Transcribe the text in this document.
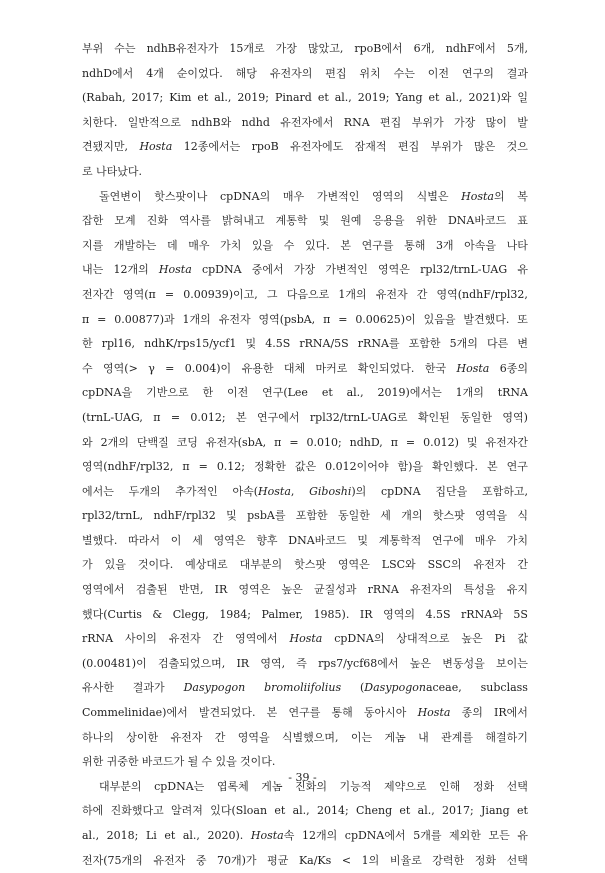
부위 수는 ndhB유전자가 15개로 가장 많았고, rpoB에서 6개, ndhF에서 5개,
ndhD에서 4개 순이었다. 해당 유전자의 편집 위치 수는 이전 연구의 결과
(Rabah, 2017; Kim et al., 2019; Pinard et al., 2019; Yang et al., 2021)와 일
치한다. 일반적으로 ndhB와 ndhd 유전자에서 RNA 편집 부위가 가장 많이 발
견됐지만, Hosta 12종에서는 rpoB 유전자에도 잠재적 편집 부위가 많은 것으
로 나타났다.
돌연변이 핫스팟이나 cpDNA의 매우 가변적인 영역의 식별은 Hosta의 복
잡한 모계 진화 역사를 밝혀내고 계통학 및 원예 응용을 위한 DNA바코드 표
지를 개발하는 데 매우 가치 있을 수 있다. 본 연구를 통해 3개 아속을 나타
내는 12개의 Hosta cpDNA 중에서 가장 가변적인 영역은 rpl32/trnL-UAG 유
전자간 영역(π = 0.00939)이고, 그 다음으로 1개의 유전자 간 영역(ndhF/rpl32,
π = 0.00877)과 1개의 유전자 영역(psbA, π = 0.00625)이 있음을 발견했다. 또
한 rpl16, ndhK/rps15/ycf1 및 4.5S rRNA/5S rRNA를 포함한 5개의 다른 변
수 영역(> γ = 0.004)이 유용한 대체 마커로 확인되었다. 한국 Hosta 6종의
cpDNA을 기반으로 한 이전 연구(Lee et al., 2019)에서는 1개의 tRNA
(trnL-UAG, π = 0.012; 본 연구에서 rpl32/trnL-UAG로 확인된 동일한 영역)
와 2개의 단백질 코딩 유전자(sbA, π = 0.010; ndhD, π = 0.012) 및 유전자간
영역(ndhF/rpl32, π = 0.12; 정확한 값은 0.012이어야 함)을 확인했다. 본 연구
에서는 두개의 추가적인 아속(Hosta, Giboshi)의 cpDNA 집단을 포함하고,
rpl32/trnL, ndhF/rpl32 및 psbA를 포함한 동일한 세 개의 핫스팟 영역을 식
별했다. 따라서 이 세 영역은 향후 DNA바코드 및 계통학적 연구에 매우 가치
가 있을 것이다. 예상대로 대부분의 핫스팟 영역은 LSC와 SSC의 유전자 간
영역에서 검출된 반면, IR 영역은 높은 균질성과 rRNA 유전자의 특성을 유지
했다(Curtis & Clegg, 1984; Palmer, 1985). IR 영역의 4.5S rRNA와 5S
rRNA 사이의 유전자 간 영역에서 Hosta cpDNA의 상대적으로 높은 Pi 값
(0.00481)이 검출되었으며, IR 영역, 즉 rps7/ycf68에서 높은 변동성을 보이는
유사한 결과가 Dasypogon bromoliifolius (Dasypogonaceae, subclass
Commelinidae)에서 발견되었다. 본 연구를 통해 동아시아 Hosta 종의 IR에서
하나의 상이한 유전자 간 영역을 식별했으며, 이는 게놈 내 관계를 해결하기
위한 귀중한 바코드가 될 수 있을 것이다.
대부분의 cpDNA는 엽록체 게놈 진화의 기능적 제약으로 인해 정화 선택
하에 진화했다고 알려져 있다(Sloan et al., 2014; Cheng et al., 2017; Jiang et
al., 2018; Li et al., 2020). Hosta속 12개의 cpDNA에서 5개를 제외한 모든 유
전자(75개의 유전자 중 70개)가 평균 Ka/Ks < 1의 비율로 강력한 정화 선택
- 39 -
